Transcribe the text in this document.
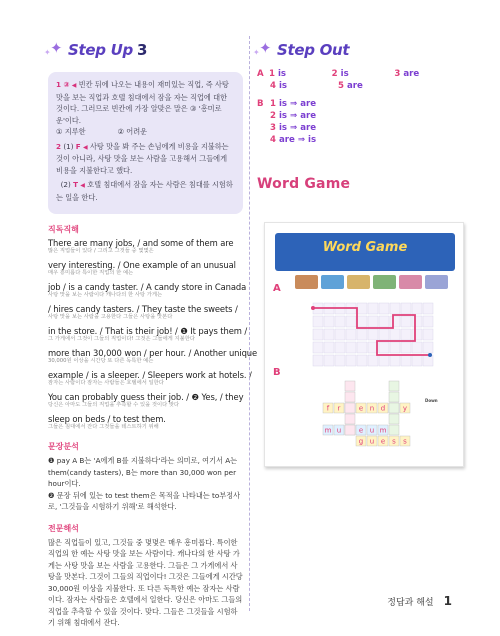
✦
✦ Step Up 3

1 ③ ◀ 빈칸 뒤에 나오는 내용이 재미있는 직업, 즉 사탕 맛을 보는 직업과 호텔 침대에서 잠을 자는 직업에 대한 것이다. 그러므로 빈칸에 가장 알맞은 말은 ③ '흥미로운'이다.
① 지루한	② 어려운

2 (1) F ◀ 사탕 맛을 봐 주는 손님에게 비용을 지불하는 것이 아니라, 사탕 맛을 보는 사람을 고용해서 그들에게 비용을 지불한다고 했다.

(2) T ◀ 호텔 침대에서 잠을 자는 사람은 침대를 시험하는 일을 한다.

직독직해
There are many jobs, / and some of them are
많은 직업들이 있다 / 그리고 그것들 중 몇몇은
very interesting. / One example of an unusual
매우 흥미롭다 특이한 직업의 한 예는
job / is a candy taster. / A candy store in Canada
사탕 맛을 보는 사람이다 캐나다의 한 사탕 가게는
/ hires candy tasters. / They taste the sweets /
사탕 맛을 보는 사람을 고용한다 그들은 사탕을 맛본다
in the store. / That is their job! / ❶ It pays them /
그 가게에서 그것이 그들의 직업이다! 그것은 그들에게 지불한다
more than 30,000 won / per hour. / Another unique
30,000원 이상을 시간당 또 다른 독특한 예는
example / is a sleeper. / Sleepers work at hotels. /
잠자는 사람이다 잠자는 사람들은 호텔에서 일한다
You can probably guess their job. / ❷ Yes, / they
당신은 아마도 그들의 직업을 추측할 수 있을 것이다 맞다
sleep on beds / to test them.
그들은 침대에서 잔다 그것들을 테스트하기 위해
문장분석

❶ pay A B는 'A에게 B를 지불하다'라는 의미로, 여기서 A는 them(candy tasters), B는 more than 30,000 won per hour이다.

❷ 문장 뒤에 있는 to test them은 목적을 나타내는 to부정사로, '그것들을 시험하기 위해'로 해석한다.

전문해석

많은 직업들이 있고, 그것들 중 몇몇은 매우 흥미롭다. 특이한 직업의 한 예는 사탕 맛을 보는 사람이다. 캐나다의 한 사탕 가게는 사탕 맛을 보는 사람을 고용한다. 그들은 그 가게에서 사탕을 맛본다. 그것이 그들의 직업이다! 그것은 그들에게 시간당 30,000원 이상을 지불한다. 또 다른 독특한 예는 잠자는 사람이다. 잠자는 사람들은 호텔에서 일한다. 당신은 아마도 그들의 직업을 추측할 수 있을 것이다. 맞다. 그들은 그것들을 시험하기 위해 침대에서 잔다.

✦
✦ Step Out
A 1 is	2 is	3 are
4 is	5 are
B 1 is ⇒ are
2 is ⇒ are
3 is ⇒ are
4 are ⇒ is
Word Game
Word Game
A
f r	e n d	y
m u	e u m
g u e s s
B
Down
정답과 해설 1
